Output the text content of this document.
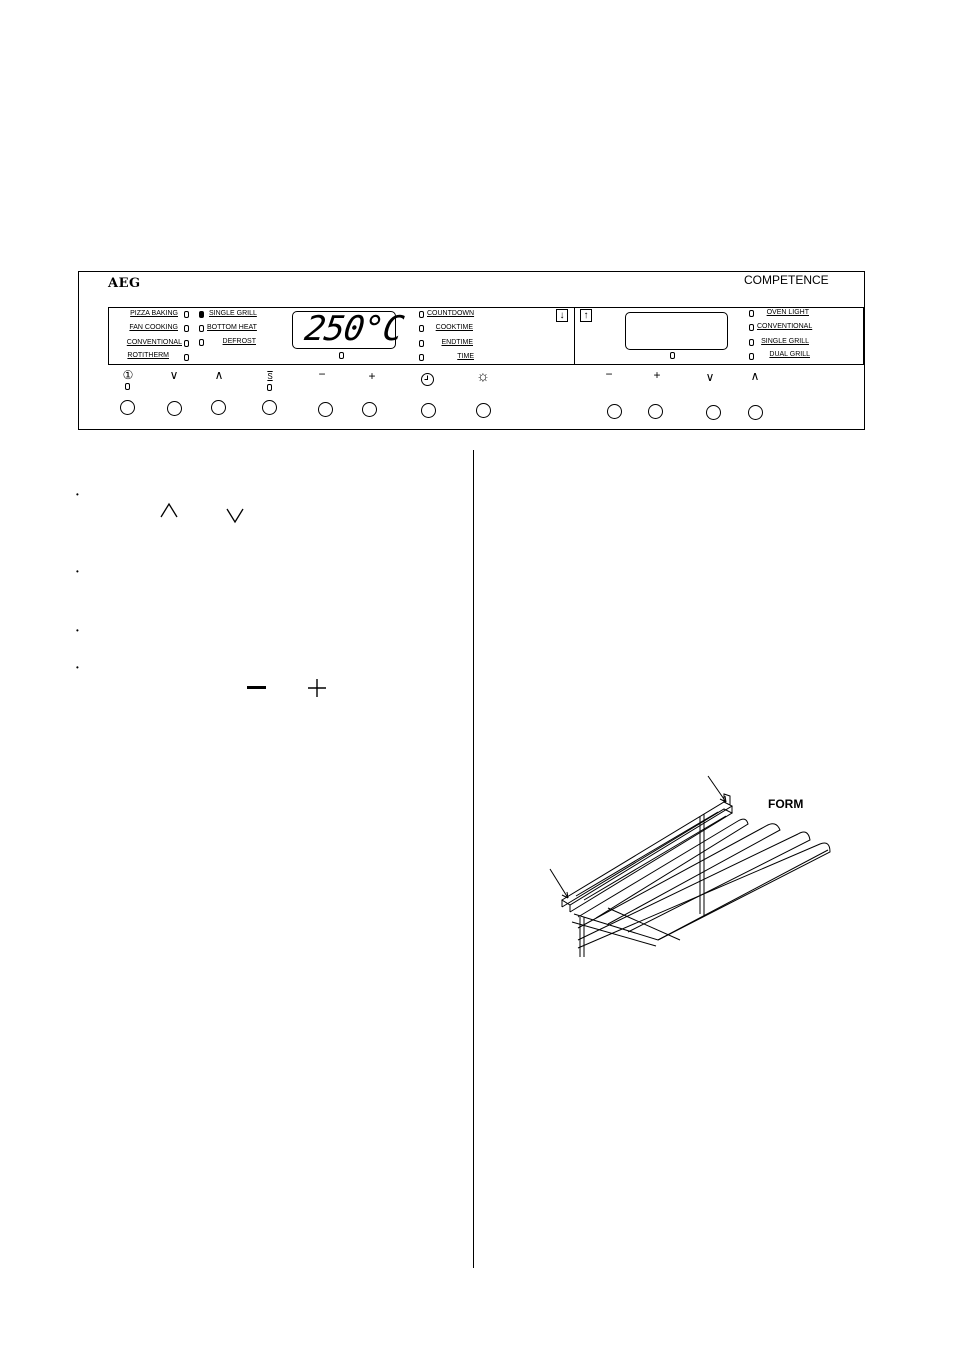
AEG	COMPETENCE
PIZZA BAKING
FAN COOKING
CONVENTIONAL
ROTITHERM
SINGLE GRILL
BOTTOM HEAT
DEFROST 250°C	COUNTDOWN
COOKTIME
ENDTIME
TIME
↓	↑	OVEN LIGHT
CONVENTIONAL
SINGLE GRILL
DUAL GRILL
①	∨	∧	S	−	+	☼	−	+	∨	∧
•
•
•
•
FORM
